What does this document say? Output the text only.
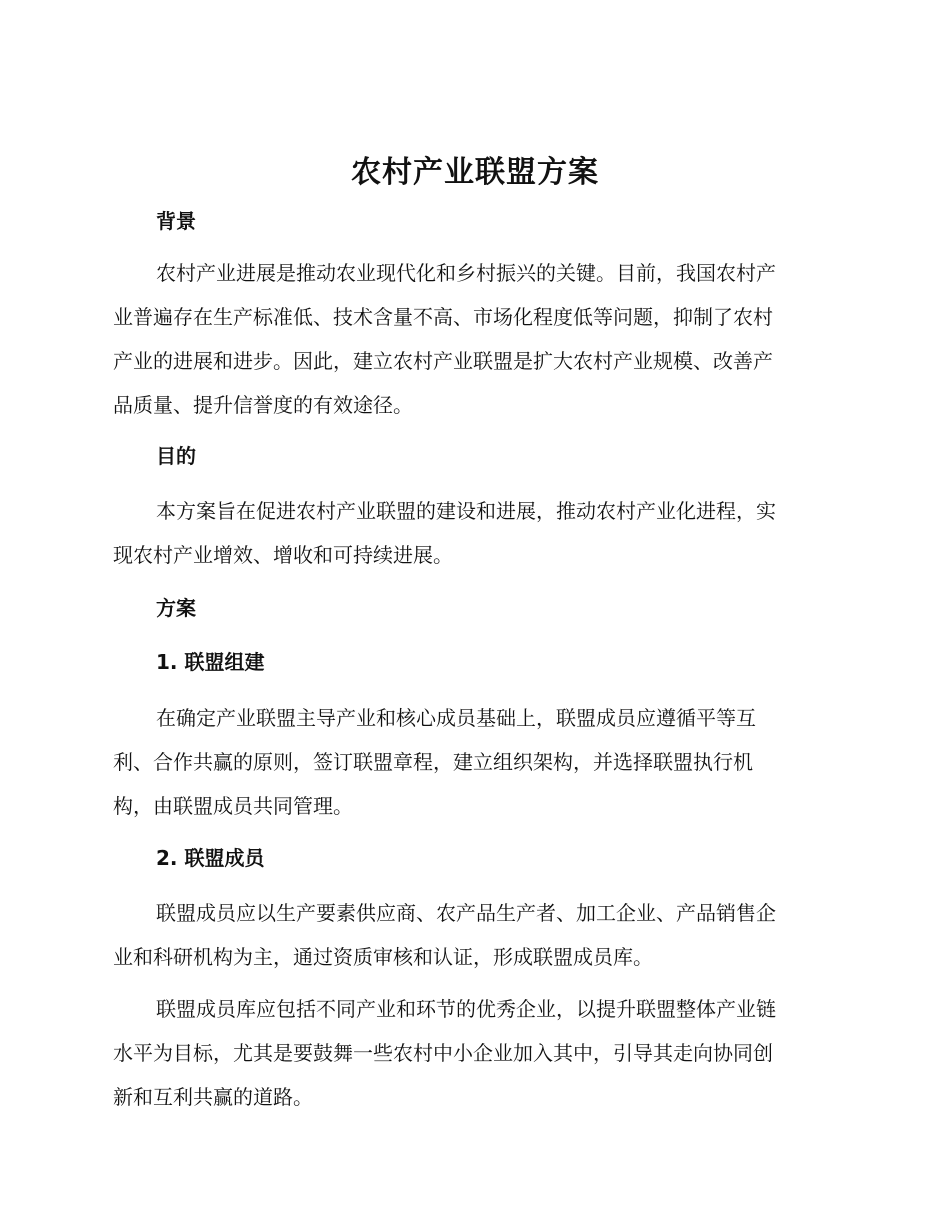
农村产业联盟方案
背景
农村产业进展是推动农业现代化和乡村振兴的关键。目前，我国农村产
业普遍存在生产标准低、技术含量不高、市场化程度低等问题，抑制了农村
产业的进展和进步。因此，建立农村产业联盟是扩大农村产业规模、改善产
品质量、提升信誉度的有效途径。
目的
本方案旨在促进农村产业联盟的建设和进展，推动农村产业化进程，实
现农村产业增效、增收和可持续进展。
方案
1. 联盟组建
在确定产业联盟主导产业和核心成员基础上，联盟成员应遵循平等互
利、合作共赢的原则，签订联盟章程，建立组织架构，并选择联盟执行机
构，由联盟成员共同管理。
2. 联盟成员
联盟成员应以生产要素供应商、农产品生产者、加工企业、产品销售企
业和科研机构为主，通过资质审核和认证，形成联盟成员库。
联盟成员库应包括不同产业和环节的优秀企业，以提升联盟整体产业链
水平为目标，尤其是要鼓舞一些农村中小企业加入其中，引导其走向协同创
新和互利共赢的道路。
